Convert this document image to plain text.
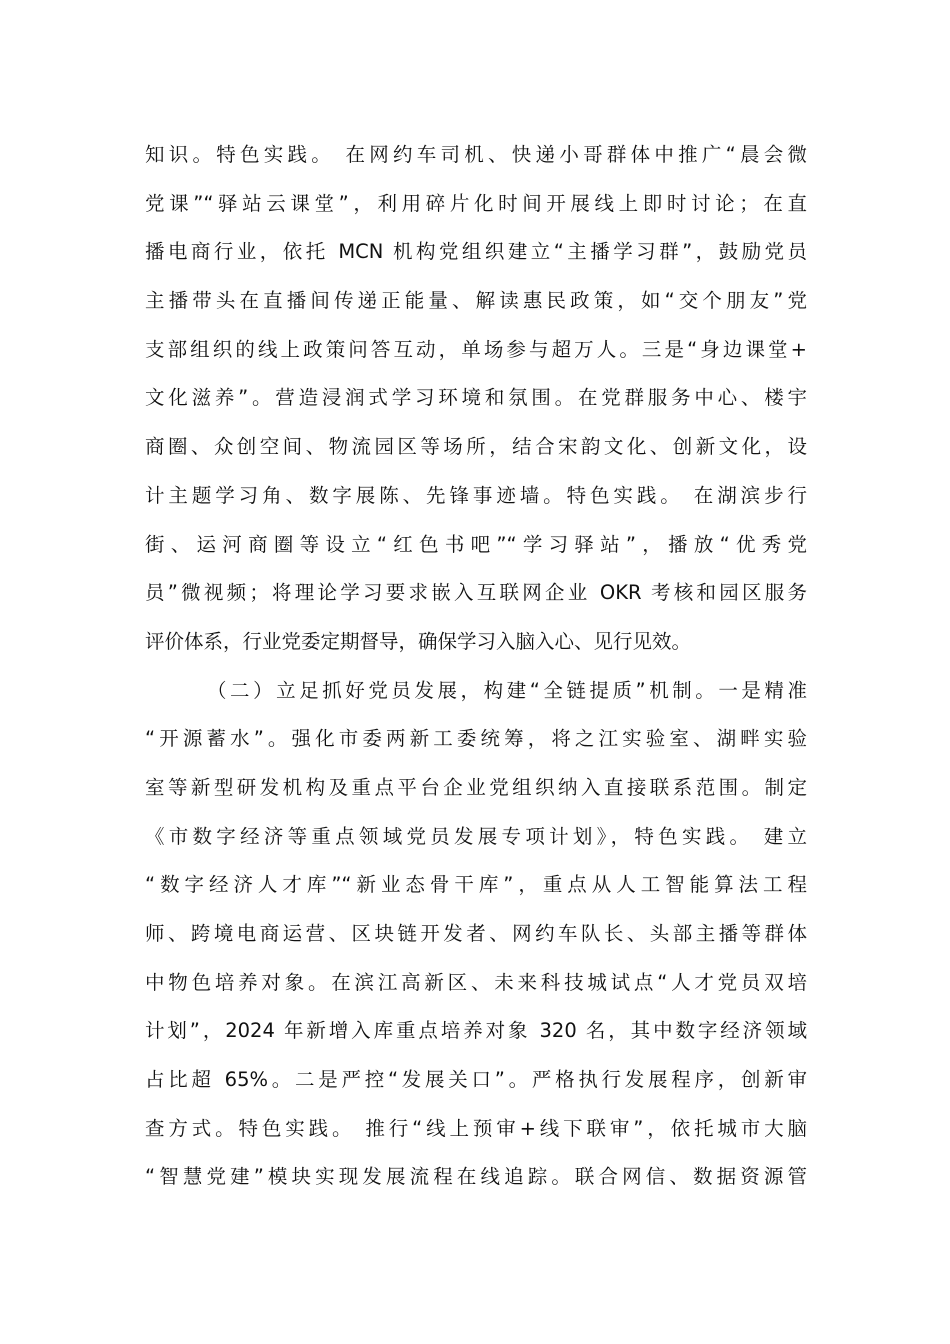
知识。特色实践。 在网约车司机、快递小哥群体中推广“晨会微
党课”“驿站云课堂”，利用碎片化时间开展线上即时讨论；在直
播电商行业，依托 MCN 机构党组织建立“主播学习群”，鼓励党员
主播带头在直播间传递正能量、解读惠民政策，如“交个朋友”党
支部组织的线上政策问答互动，单场参与超万人。三是“身边课堂+
文化滋养”。营造浸润式学习环境和氛围。在党群服务中心、楼宇
商圈、众创空间、物流园区等场所，结合宋韵文化、创新文化，设
计主题学习角、数字展陈、先锋事迹墙。特色实践。 在湖滨步行
街、运河商圈等设立“红色书吧”“学习驿站”，播放“优秀党
员”微视频；将理论学习要求嵌入互联网企业 OKR 考核和园区服务
评价体系，行业党委定期督导，确保学习入脑入心、见行见效。
（二）立足抓好党员发展，构建“全链提质”机制。一是精准
“开源蓄水”。强化市委两新工委统筹，将之江实验室、湖畔实验
室等新型研发机构及重点平台企业党组织纳入直接联系范围。制定
《市数字经济等重点领域党员发展专项计划》，特色实践。 建立
“数字经济人才库”“新业态骨干库”，重点从人工智能算法工程
师、跨境电商运营、区块链开发者、网约车队长、头部主播等群体
中物色培养对象。在滨江高新区、未来科技城试点“人才党员双培
计划”，2024 年新增入库重点培养对象 320 名，其中数字经济领域
占比超 65%。二是严控“发展关口”。严格执行发展程序，创新审
查方式。特色实践。 推行“线上预审+线下联审”，依托城市大脑
“智慧党建”模块实现发展流程在线追踪。联合网信、数据资源管
